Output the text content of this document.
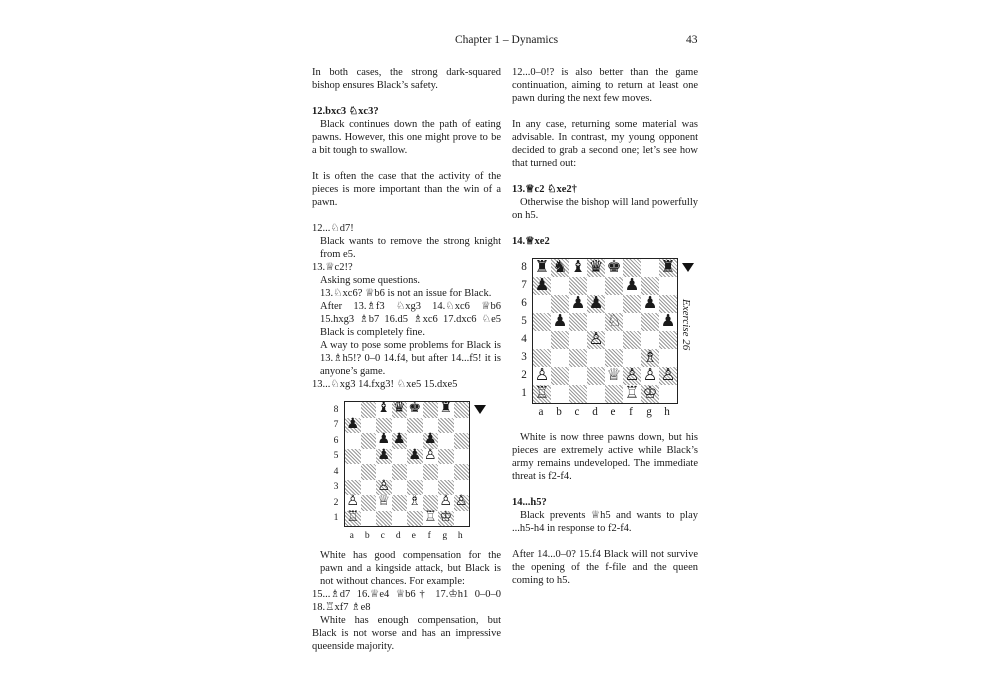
Chapter 1 – Dynamics	43

In both cases, the strong dark-squared bishop ensures Black’s safety.

12.bxc3 ♘xc3?

Black continues down the path of eating pawns. However, this one might prove to be a bit tough to swallow.

It is often the case that the activity of the pieces is more important than the win of a pawn.

12...♘d7!

Black wants to remove the strong knight from e5.

13.♕c2!?

Asking some questions.

13.♘xc6? ♕b6 is not an issue for Black.

After 13.♗f3 ♘xg3 14.♘xc6 ♕b6 15.hxg3 ♗b7 16.d5 ♗xc6 17.dxc6 ♘e5 Black is completely fine.

A way to pose some problems for Black is 13.♗h5!? 0–0 14.f4, but after 14...f5! it is anyone’s game.

13...♘xg3 14.fxg3! ♘xe5 15.dxe5

♝ ♛ ♚ ♜
♟
♟ ♟ ♟
♟ ♟ ♙
♙
♙ ♕ ♗ ♙ ♙
♖	♖ ♔
8
7
6
5
4
3
2
1
a	b	c	d	e	f	g	h

White has good compensation for the pawn and a kingside attack, but Black is not without chances. For example:

15...♗d7 16.♕e4 ♕b6† 17.♔h1 0–0–0 18.♖xf7 ♗e8

White has enough compensation, but Black is not worse and has an impressive queenside majority.

12...0–0!? is also better than the game continuation, aiming to return at least one pawn during the next few moves.

In any case, returning some material was advisable. In contrast, my young opponent decided to grab a second one; let’s see how that turned out:

13.♕c2 ♘xe2†

Otherwise the bishop will land powerfully on h5.

14.♕xe2

♜ ♞ ♝ ♛ ♚ ♜
♟	♟
♟ ♟ ♟
♟ ♘ ♟
♙
♗
♙	♕ ♙ ♙ ♙
♖	♖ ♔
8
7
6
5
4
3
2
1
a	b	c	d	e	f	g	h
Exercise 26

White is now three pawns down, but his pieces are extremely active while Black’s army remains undeveloped. The immediate threat is f2-f4.

14...h5?

Black prevents ♕h5 and wants to play ...h5-h4 in response to f2-f4.

After 14...0–0? 15.f4 Black will not survive the opening of the f-file and the queen coming to h5.
